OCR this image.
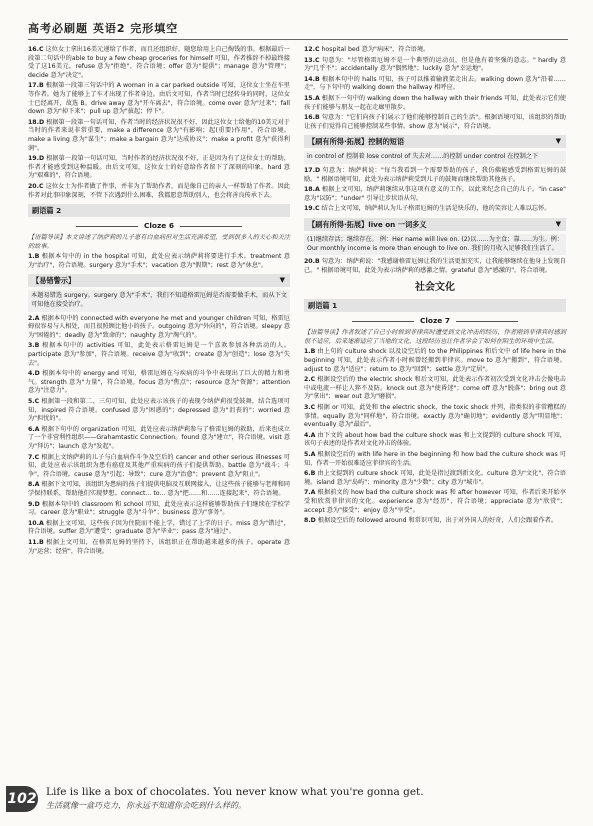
高考必刷题 英语2 完形填空
16.C 这位女士拿出16美元递给了作者，而且还组织好，随您给用上自己掏钱的事。根据最后一段第二句话中的able to buy a few cheap groceries for himself 可知，作者推辞不掉最终接受了这16美元。refuse 意为"拒绝"，符合语境；offer 意为"提供"；manage 意为"管理"；decide 意为"决定"。
17.B 根据第一段第三句话中的 A woman in a car parked outside 可知，这位女士坐在车里等作者。她为了能够上了车才出现了作者身边。由后文可知，作者当时已经转身的同时，这位女士已经离开，故选 B。drive away 意为"开车离去"，符合语境。come over 意为"过来"；fall down 意为"掉下来"；pull up 意为"拔起；停下"。
18.D 根据第一段第一句话可知，作者当时的经济状况很不好，因此这位女士给他的10美元对于当时的作者来说非常重要，make a difference 意为"有影响；起(重要)作用"，符合语境。make a living 意为"谋生"；make a bargain 意为"达成协议"；make a profit 意为"获得利润"。
19.D 根据第一段第一句话可知，当时作者的经济状况很不好，正是因为有了这位女士的帮助，作者才能感受到这种温暖。由后文可知，这位女士的好意给作者留下了深刻的印象。hard 意为"艰难的"，符合语境。
20.C 这位女士为作者做了件事，并非为了帮助作者，而是像自己的亲人一样帮助了作者。因此作者对此事印象深刻，不管下次遇到什么困难，我都愿意帮助别人，也会将善良传承下去。
刷语篇 2
Cloze 6
【语篇导读】本文讲述了纳萨莉的儿子患有白血病但对生活充满希望，受到很多人的关心和关注的故事。
1.B 根据本句中的 in the hospital 可知，此处应表示纳萨莉将要进行手术。treatment 意为"治疗"，符合语境。surgery 意为"手术"；vacation 意为"假期"；rest 意为"休息"。
【易错警示】	▼
本题易错选 surgery。surgery 意为"手术"，我们不知道格雷厄姆是否需要做手术，而从下文可知他在接受治疗。
2.A 根据本句中的 connected with everyone he met and younger children 可知，格雷厄姆很容易与人相处，而且很照顾比他小的孩子。outgoing 意为"外向的"，符合语境。sleepy 意为"困倦的"；deadly 意为"致命的"；naughty 意为"淘气的"。
3.B 根据本句中的 activities 可知，此处表示格雷厄姆是一个喜欢参加各种活动的人。participate 意为"参加"，符合语境。receive 意为"收到"；create 意为"创造"；lose 意为"失去"。
4.D 根据本句中的 energy and 可知，格雷厄姆在与疾病的斗争中表现出了巨大的精力和勇气。strength 意为"力量"，符合语境。focus 意为"焦点"；resource 意为"资源"；attention 意为"注意力"。
5.C 根据第一段和第二、三句可知，此处应表示该孩子的表现令纳萨莉很受鼓舞，结合选项可知，inspired 符合语境。confused 意为"困惑的"；depressed 意为"沮丧的"；worried 意为"担忧的"。
6.A 根据下句中的 organization 可知，此处应表示纳萨莉参与了格雷厄姆的救助，后来也成立了一个非营利性组织——Grahamtastic Connection。found 意为"建立"，符合语境。visit 意为"拜访"；launch 意为"发起"。
7.C 根据上文纳萨莉的儿子与白血病作斗争及空后的 cancer and other serious illnesses 可知，此处应表示该组织为患有癌症及其他严重疾病的孩子们提供帮助。battle 意为"战斗；斗争"，符合语境。cause 意为"引起；导致"；cure 意为"治愈"；prevent 意为"阻止"。
8.A 根据下文可知，该组织为患病的孩子们提供电脑及互联网接入，让这些孩子能够与老师和同学保持联系，帮助他们实现梦想。connect... to... 意为"把……和……连接起来"，符合语境。
9.D 根据本句中的 classroom 和 school 可知，此处应表示这样能够帮助孩子们继续在学校学习。career 意为"职业"；struggle 意为"斗争"；business 意为"事务"。
10.A 根据上文可知，这些孩子因为住院而不能上学，错过了上学的日子。miss 意为"错过"，符合语境。suffer 意为"遭受"；graduate 意为"毕业"；pass 意为"通过"。
11.B 根据上文可知，在格雷厄姆的坚持下，该组织正在帮助越来越多的孩子。operate 意为"运营；经营"，符合语境。
12.C hospital bed 意为"病床"，符合语境。
13.C 句意为："尽管格雷厄姆不是一个典型的运动员，但是他有着坚强的意志。" hardly 意为"几乎不"；accidentally 意为"偶然地"；luckily 意为"幸运地"。
14.B 根据本句中的 halls 可知，孩子可以推着输液架走出去。walking down 意为"沿着……走"，与下句中的 walking down the hallway 相呼应。
15.A 根据下一句中的 walking down the hallway with their friends 可知，此处表示它们使孩子们能够与朋友一起在走廊里散步。
16.B 句意为："它们向孩子们展示了他们能够控制自己的生活"。根据语境可知，该组织的帮助让孩子们觉得自己能够控制某些事情。show 意为"展示"，符合语境。
【刷有所得·拓展】控制的短语	▼
in control of 控制着 lose control of 失去对……的控制 under control 在控制之下
17.D 句意为：纳萨莉说："每当我看到一个需要帮助的孩子，我仿佛能感受到格雷厄姆的鼓励。" 根据语境可知，此处为表示纳萨莉受到儿子的鼓舞而继续帮助其他孩子。
18.A 根据上文可知，纳萨莉继续从事这项有意义的工作，以此来纪念自己的儿子。"in case" 意为"以防"；"under" 引导让步状语从句。
19.C 结合上文可知，纳萨莉认为儿子格雷厄姆的生活是快乐的，他的笑容让人难以忘怀。
【刷有所得·拓展】live on 一词多义	▼
(1)继续存活；继续存在。 例：Her name will live on. (2)以……为主食；靠……为生。例：Our monthly income is more than enough to live on. 我们的月收入足够我们生活了。
20.B 句意为：纳萨莉说："我感谢格雷厄姆让我的生活更加充实，让我能够继续在他身上发现自己。" 根据语境可知，此处为表示纳萨莉的感激之情。grateful 意为"感激的"，符合语境。
社会文化
刷语篇 1
Cloze 7
【语篇导读】作者叙述了自己小时候到菲律宾时遭受到文化冲击的经历，作者刚到菲律宾时感到很不适应，后来逐渐适应了当地的文化，这段经历也让作者学会了如何在陌生的环境中生活。
1.B 由上句的 culture shock 以及设空后的 to the Philippines 和后文中 of life here in the beginning 可知，此处表示作者小时候曾经搬到菲律宾。move to 意为"搬到"，符合语境。adjust to 意为"适应"；return to 意为"回到"；settle 意为"定居"。
2.C 根据设空后的 the electric shock 和后文可知，此处表示作者初次受到文化冲击会像电击中或电流一样让人猝不及防。knock out 意为"使昏迷"；come off 意为"脱落"；bring out 意为"拿出"；wear out 意为"磨损"。
3.C 根据 or 可知，此处和 the electric shock，the toxic shock 并列，指类似的非常糟糕的事情。equally 意为"同样地"，符合语境。exactly 意为"确切地"；evidently 意为"明显地"；eventually 意为"最后"。
4.A 由下文的 about how bad the culture shock was 和上文提到的 culture shock 可知，该句子表述的是作者对文化冲击的体验。
5.A 根据设空后的 with life here in the beginning 和 how bad the culture shock was 可知，作者一开始很难适应菲律宾的生活。
6.B 由上文提到的 culture shock 可知，此处是指过渡到新文化。culture 意为"文化"，符合语境。island 意为"岛屿"；minority 意为"少数"；city 意为"城市"。
7.A 根据前文的 how bad the culture shock was 和 after however 可知，作者后来开始享受和欣赏菲律宾的文化。experience 意为"经历"，符合语境；appreciate 意为"欣赏"；accept 意为"接受"；enjoy 意为"享受"。
8.D 根据设空后的 followed around 和常识可知，出于对外国人的好奇，人们会跟着作者。
102 Life is like a box of chocolates. You never know what you're gonna get.
生活就像一盒巧克力，你永远不知道你会吃到什么样的。
